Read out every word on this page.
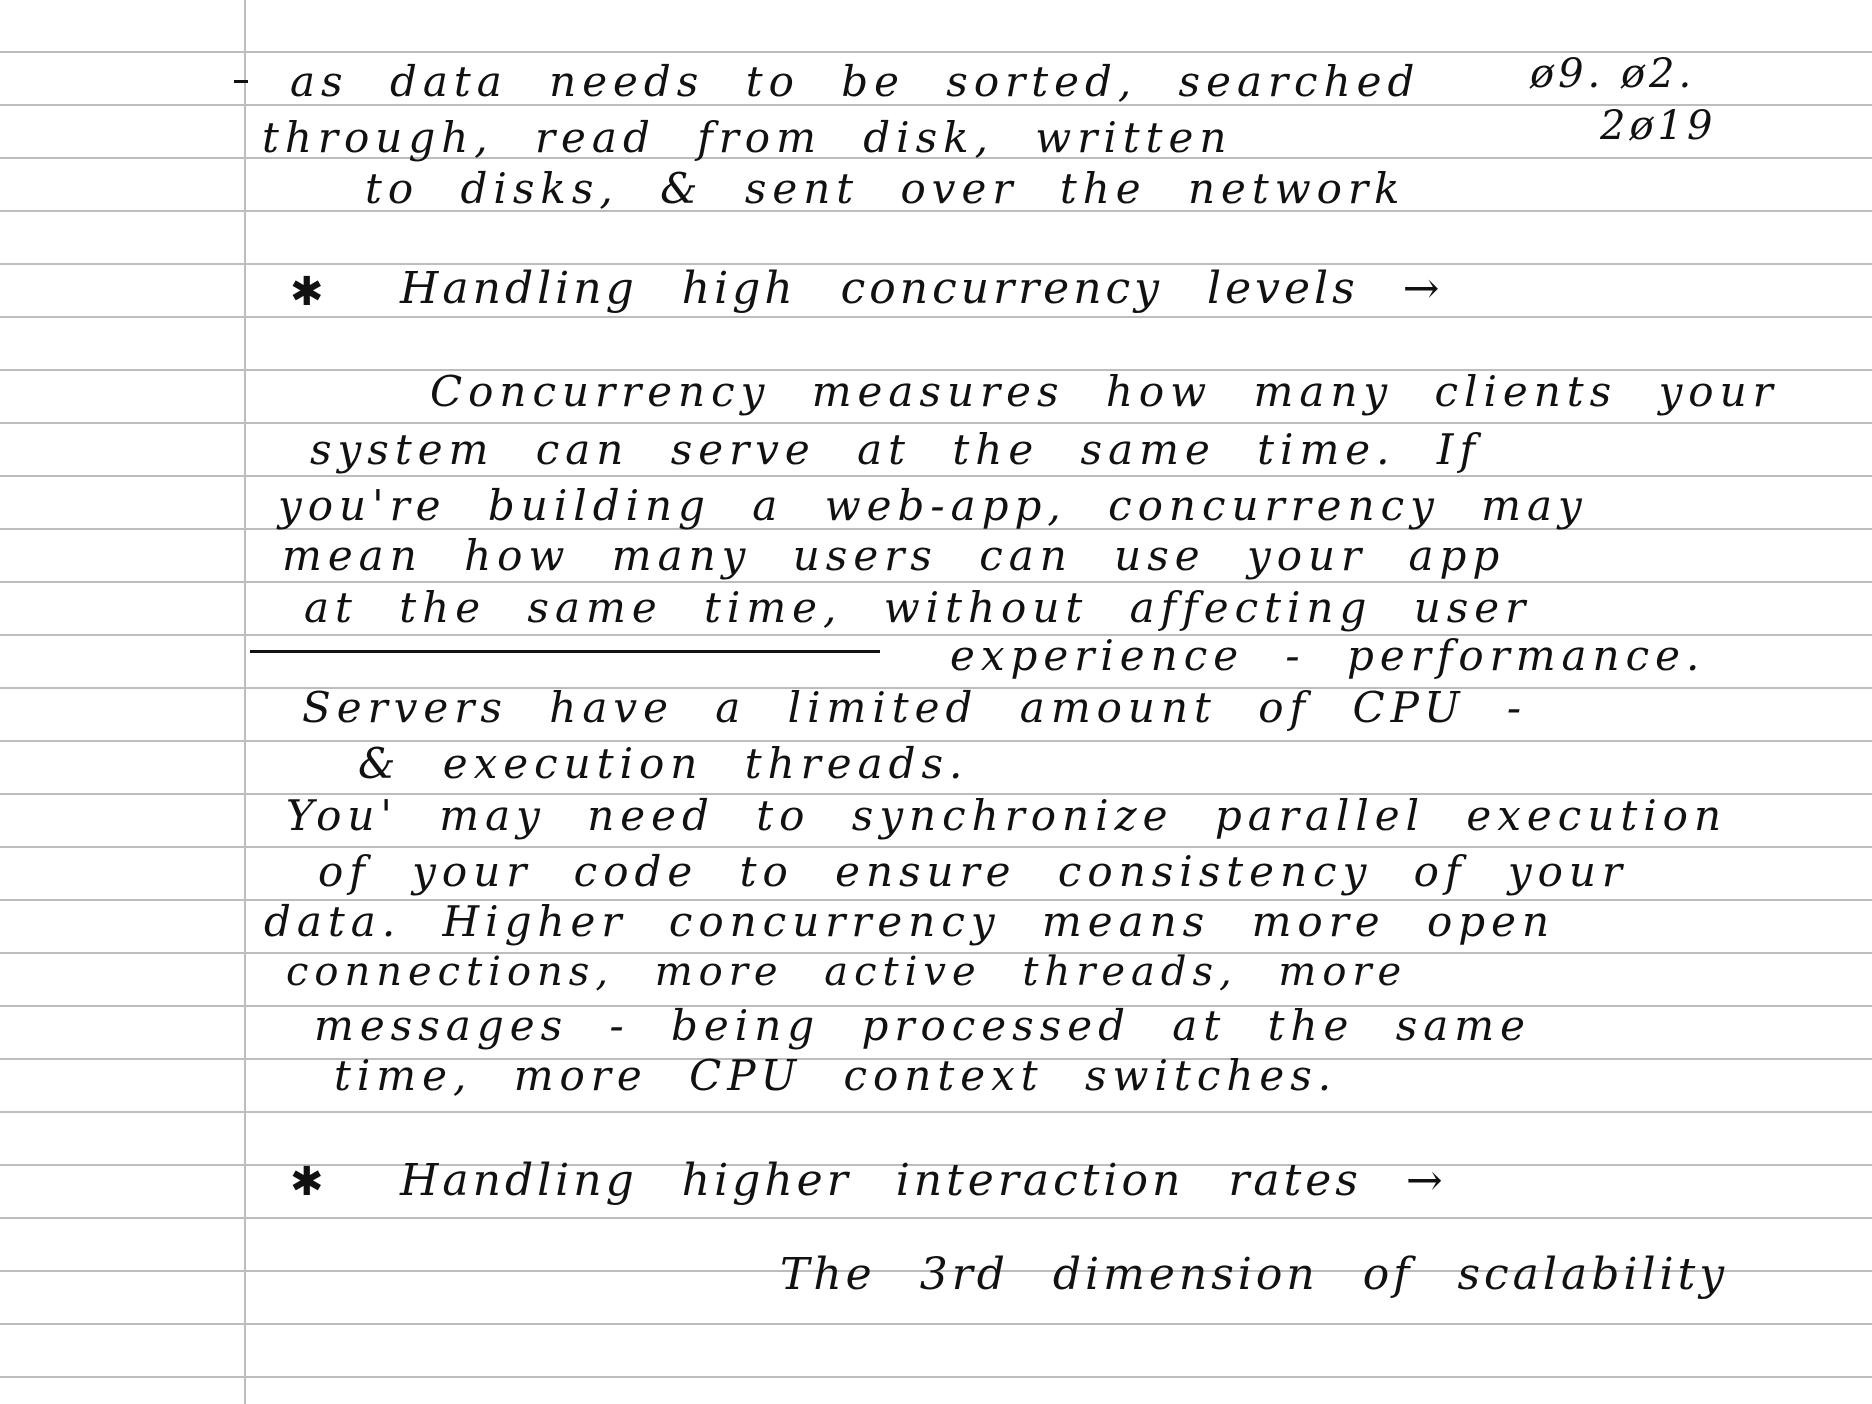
as data needs to be sorted, searched	ø9. ø2.
through, read from disk, written	2ø19
to disks, & sent over the network
✱ Handling high concurrency levels →
Concurrency measures how many clients your
system can serve at the same time. If
you're building a web-app, concurrency may
mean how many users can use your app
at the same time, without affecting user
experience - performance.
Servers have a limited amount of CPU -
& execution threads.
You' may need to synchronize parallel execution
of your code to ensure consistency of your
data. Higher concurrency means more open
connections, more active threads, more
messages - being processed at the same
time, more CPU context switches.
✱ Handling higher interaction rates →
The 3rd dimension of scalability
